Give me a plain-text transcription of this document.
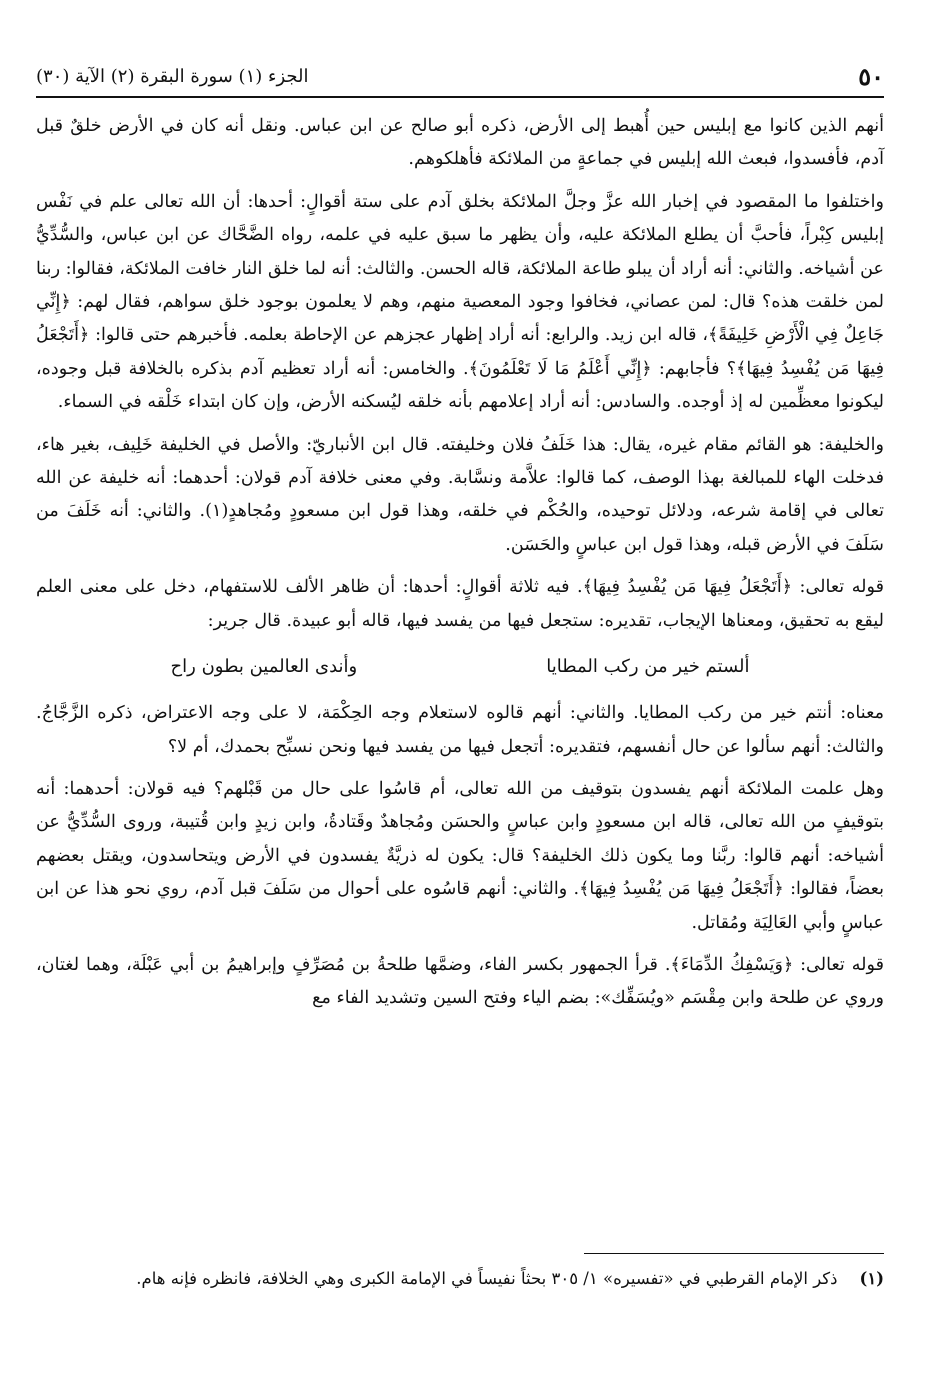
٥٠
الجزء (١) سورة البقرة (٢) الآية (٣٠)

أنهم الذين كانوا مع إبليس حين أُهبط إلى الأرض، ذكره أبو صالح عن ابن عباس. ونقل أنه كان في الأرض خلقٌ قبل آدم، فأفسدوا، فبعث الله إبليس في جماعةٍ من الملائكة فأهلكوهم.

واختلفوا ما المقصود في إخبار الله عزَّ وجلَّ الملائكة بخلق آدم على ستة أقوالٍ: أحدها: أن الله تعالى علم في نَفْس إبليس كِبْراً، فأحبَّ أن يطلع الملائكة عليه، وأن يظهر ما سبق عليه في علمه، رواه الضَّحَّاك عن ابن عباس، والسُّدِّيُّ عن أشياخه. والثاني: أنه أراد أن يبلو طاعة الملائكة، قاله الحسن. والثالث: أنه لما خلق النار خافت الملائكة، فقالوا: ربنا لمن خلقت هذه؟ قال: لمن عصاني، فخافوا وجود المعصية منهم، وهم لا يعلمون بوجود خلق سواهم، فقال لهم: ﴿إِنِّي جَاعِلٌ فِي الْأَرْضِ خَلِيفَةً﴾، قاله ابن زيد. والرابع: أنه أراد إظهار عجزهم عن الإحاطة بعلمه. فأخبرهم حتى قالوا: ﴿أَتَجْعَلُ فِيهَا مَن يُفْسِدُ فِيهَا﴾؟ فأجابهم: ﴿إِنِّي أَعْلَمُ مَا لَا تَعْلَمُونَ﴾. والخامس: أنه أراد تعظيم آدم بذكره بالخلافة قبل وجوده، ليكونوا معظِّمين له إذ أوجده. والسادس: أنه أراد إعلامهم بأنه خلقه ليُسكنه الأرض، وإن كان ابتداء خَلْقه في السماء.

والخليفة: هو القائم مقام غيره، يقال: هذا خَلَفُ فلان وخليفته. قال ابن الأنباريّ: والأصل في الخليفة خَلِيف، بغير هاء، فدخلت الهاء للمبالغة بهذا الوصف، كما قالوا: علاَّمة ونسَّابة. وفي معنى خلافة آدم قولان: أحدهما: أنه خليفة عن الله تعالى في إقامة شرعه، ودلائل توحيده، والحُكْم في خلقه، وهذا قول ابن مسعودٍ ومُجاهدٍ(١). والثاني: أنه خَلَفَ من سَلَفَ في الأرض قبله، وهذا قول ابن عباسٍ والحَسَن.

قوله تعالى: ﴿أَتَجْعَلُ فِيهَا مَن يُفْسِدُ فِيهَا﴾. فيه ثلاثة أقوالٍ: أحدها: أن ظاهر الألف للاستفهام، دخل على معنى العلم ليقع به تحقيق، ومعناها الإيجاب، تقديره: ستجعل فيها من يفسد فيها، قاله أبو عبيدة. قال جرير:

ألستم خير من ركب المطايا
وأندى العالمين بطون راح

معناه: أنتم خير من ركب المطايا. والثاني: أنهم قالوه لاستعلام وجه الحِكْمَة، لا على وجه الاعتراض، ذكره الزَّجَّاجُ. والثالث: أنهم سألوا عن حال أنفسهم، فتقديره: أتجعل فيها من يفسد فيها ونحن نسبِّح بحمدك، أم لا؟

وهل علمت الملائكة أنهم يفسدون بتوقيف من الله تعالى، أم قاسُوا على حال من قَبْلهم؟ فيه قولان: أحدهما: أنه بتوقيفٍ من الله تعالى، قاله ابن مسعودٍ وابن عباسٍ والحسَن ومُجاهدٌ وقَتادةُ، وابن زيدٍ وابن قُتيبة، وروى السُّدِّيُّ عن أشياخه: أنهم قالوا: ربَّنا وما يكون ذلك الخليفة؟ قال: يكون له ذريَّةٌ يفسدون في الأرض ويتحاسدون، ويقتل بعضهم بعضاً، فقالوا: ﴿أَتَجْعَلُ فِيهَا مَن يُفْسِدُ فِيهَا﴾. والثاني: أنهم قاسُوه على أحوال من سَلَفَ قبل آدم، روي نحو هذا عن ابن عباسٍ وأبي العَالِيَة ومُقاتل.

قوله تعالى: ﴿وَيَسْفِكُ الدِّمَاءَ﴾. قرأ الجمهور بكسر الفاء، وضمَّها طلحةُ بن مُصَرِّفٍ وإبراهيمُ بن أبي عَبْلَة، وهما لغتان، وروي عن طلحة وابن مِقْسَم «ويُسَفِّك»: بضم الياء وفتح السين وتشديد الفاء مع

(١)
ذكر الإمام القرطبي في «تفسيره» ١/ ٣٠٥ بحثاً نفيساً في الإمامة الكبرى وهي الخلافة، فانظره فإنه هام.
